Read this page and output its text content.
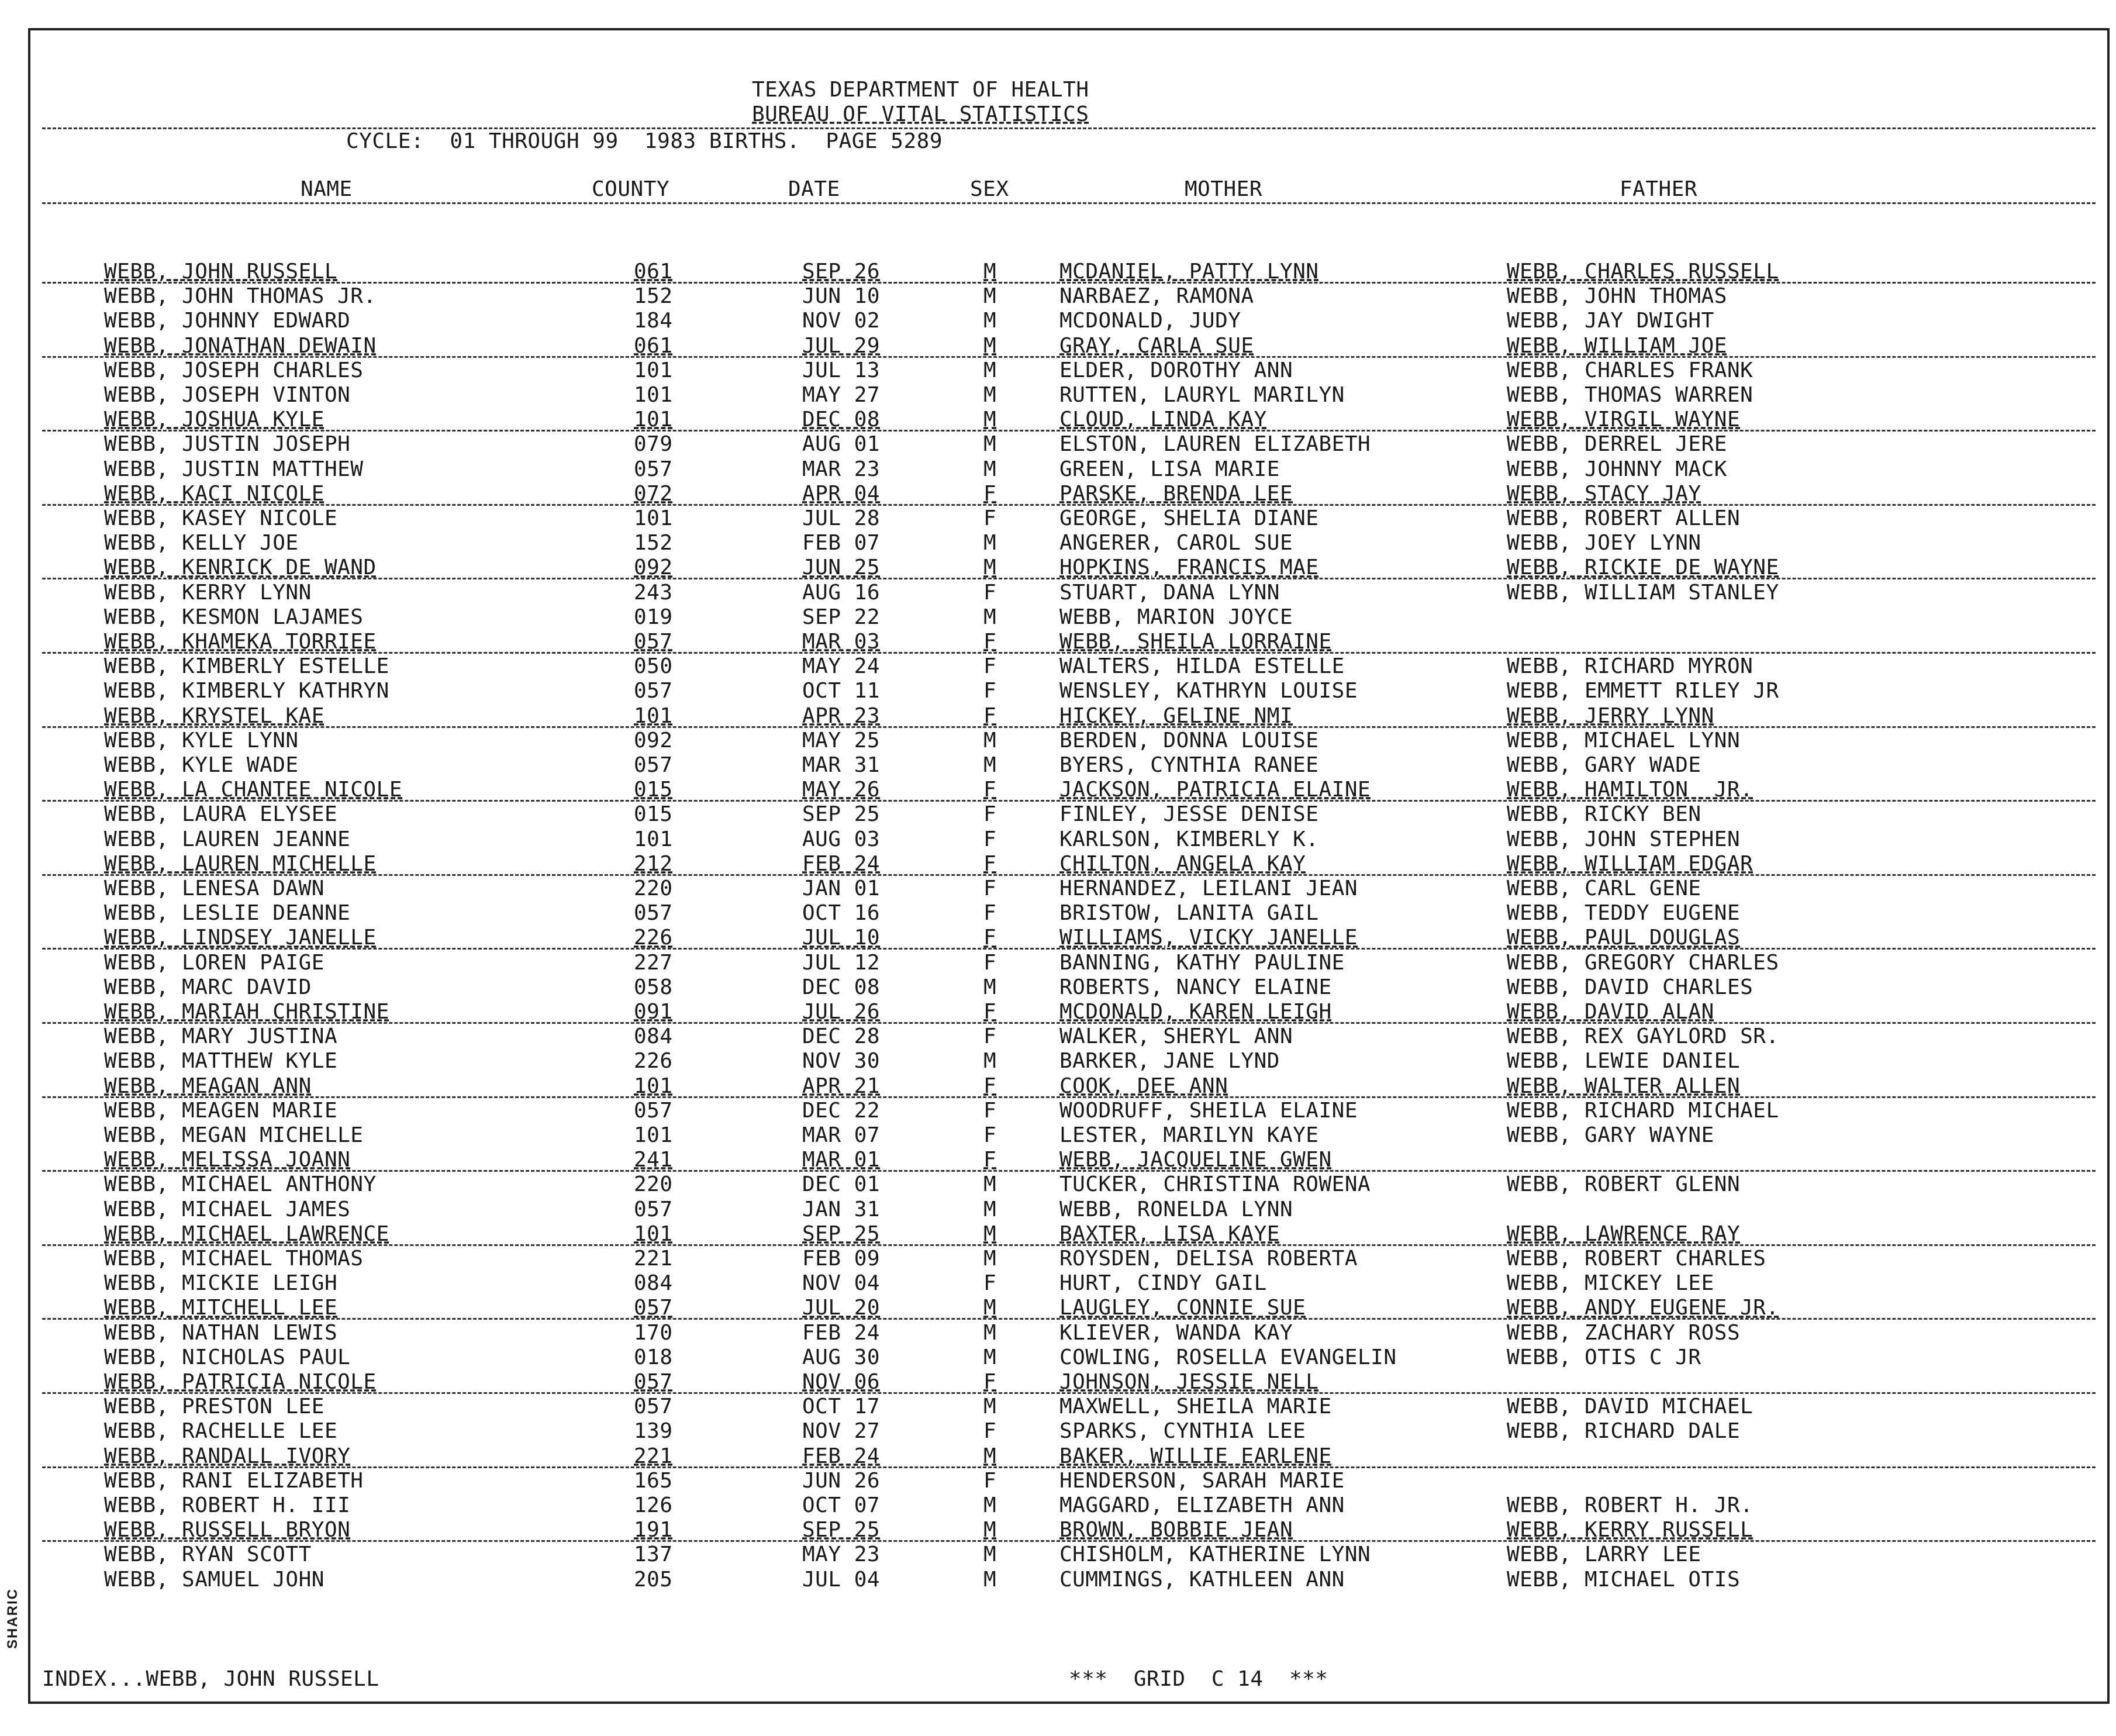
SHARIC
TEXAS DEPARTMENT OF HEALTH
BUREAU OF VITAL STATISTICS
CYCLE:  01 THROUGH 99  1983 BIRTHS.  PAGE 5289
NAME	COUNTY	DATE	SEX	MOTHER	FATHER
WEBB, JOHN RUSSELL	061	SEP 26	M	MCDANIEL, PATTY LYNN	WEBB, CHARLES RUSSELL
WEBB, JOHN THOMAS JR.	152	JUN 10	M	NARBAEZ, RAMONA	WEBB, JOHN THOMAS
WEBB, JOHNNY EDWARD	184	NOV 02	M	MCDONALD, JUDY	WEBB, JAY DWIGHT
WEBB, JONATHAN DEWAIN	061	JUL 29	M	GRAY, CARLA SUE	WEBB, WILLIAM JOE
WEBB, JOSEPH CHARLES	101	JUL 13	M	ELDER, DOROTHY ANN	WEBB, CHARLES FRANK
WEBB, JOSEPH VINTON	101	MAY 27	M	RUTTEN, LAURYL MARILYN	WEBB, THOMAS WARREN
WEBB, JOSHUA KYLE	101	DEC 08	M	CLOUD, LINDA KAY	WEBB, VIRGIL WAYNE
WEBB, JUSTIN JOSEPH	079	AUG 01	M	ELSTON, LAUREN ELIZABETH	WEBB, DERREL JERE
WEBB, JUSTIN MATTHEW	057	MAR 23	M	GREEN, LISA MARIE	WEBB, JOHNNY MACK
WEBB, KACI NICOLE	072	APR 04	F	PARSKE, BRENDA LEE	WEBB, STACY JAY
WEBB, KASEY NICOLE	101	JUL 28	F	GEORGE, SHELIA DIANE	WEBB, ROBERT ALLEN
WEBB, KELLY JOE	152	FEB 07	M	ANGERER, CAROL SUE	WEBB, JOEY LYNN
WEBB, KENRICK DE WAND	092	JUN 25	M	HOPKINS, FRANCIS MAE	WEBB, RICKIE DE WAYNE
WEBB, KERRY LYNN	243	AUG 16	F	STUART, DANA LYNN	WEBB, WILLIAM STANLEY
WEBB, KESMON LAJAMES	019	SEP 22	M	WEBB, MARION JOYCE
WEBB, KHAMEKA TORRIEE	057	MAR 03	F	WEBB, SHEILA LORRAINE
WEBB, KIMBERLY ESTELLE	050	MAY 24	F	WALTERS, HILDA ESTELLE	WEBB, RICHARD MYRON
WEBB, KIMBERLY KATHRYN	057	OCT 11	F	WENSLEY, KATHRYN LOUISE	WEBB, EMMETT RILEY JR
WEBB, KRYSTEL KAE	101	APR 23	F	HICKEY, GELINE NMI	WEBB, JERRY LYNN
WEBB, KYLE LYNN	092	MAY 25	M	BERDEN, DONNA LOUISE	WEBB, MICHAEL LYNN
WEBB, KYLE WADE	057	MAR 31	M	BYERS, CYNTHIA RANEE	WEBB, GARY WADE
WEBB, LA CHANTEE NICOLE	015	MAY 26	F	JACKSON, PATRICIA ELAINE	WEBB, HAMILTON  JR.
WEBB, LAURA ELYSEE	015	SEP 25	F	FINLEY, JESSE DENISE	WEBB, RICKY BEN
WEBB, LAUREN JEANNE	101	AUG 03	F	KARLSON, KIMBERLY K.	WEBB, JOHN STEPHEN
WEBB, LAUREN MICHELLE	212	FEB 24	F	CHILTON, ANGELA KAY	WEBB, WILLIAM EDGAR
WEBB, LENESA DAWN	220	JAN 01	F	HERNANDEZ, LEILANI JEAN	WEBB, CARL GENE
WEBB, LESLIE DEANNE	057	OCT 16	F	BRISTOW, LANITA GAIL	WEBB, TEDDY EUGENE
WEBB, LINDSEY JANELLE	226	JUL 10	F	WILLIAMS, VICKY JANELLE	WEBB, PAUL DOUGLAS
WEBB, LOREN PAIGE	227	JUL 12	F	BANNING, KATHY PAULINE	WEBB, GREGORY CHARLES
WEBB, MARC DAVID	058	DEC 08	M	ROBERTS, NANCY ELAINE	WEBB, DAVID CHARLES
WEBB, MARIAH CHRISTINE	091	JUL 26	F	MCDONALD, KAREN LEIGH	WEBB, DAVID ALAN
WEBB, MARY JUSTINA	084	DEC 28	F	WALKER, SHERYL ANN	WEBB, REX GAYLORD SR.
WEBB, MATTHEW KYLE	226	NOV 30	M	BARKER, JANE LYND	WEBB, LEWIE DANIEL
WEBB, MEAGAN ANN	101	APR 21	F	COOK, DEE ANN	WEBB, WALTER ALLEN
WEBB, MEAGEN MARIE	057	DEC 22	F	WOODRUFF, SHEILA ELAINE	WEBB, RICHARD MICHAEL
WEBB, MEGAN MICHELLE	101	MAR 07	F	LESTER, MARILYN KAYE	WEBB, GARY WAYNE
WEBB, MELISSA JOANN	241	MAR 01	F	WEBB, JACQUELINE GWEN
WEBB, MICHAEL ANTHONY	220	DEC 01	M	TUCKER, CHRISTINA ROWENA	WEBB, ROBERT GLENN
WEBB, MICHAEL JAMES	057	JAN 31	M	WEBB, RONELDA LYNN
WEBB, MICHAEL LAWRENCE	101	SEP 25	M	BAXTER, LISA KAYE	WEBB, LAWRENCE RAY
WEBB, MICHAEL THOMAS	221	FEB 09	M	ROYSDEN, DELISA ROBERTA	WEBB, ROBERT CHARLES
WEBB, MICKIE LEIGH	084	NOV 04	F	HURT, CINDY GAIL	WEBB, MICKEY LEE
WEBB, MITCHELL LEE	057	JUL 20	M	LAUGLEY, CONNIE SUE	WEBB, ANDY EUGENE JR.
WEBB, NATHAN LEWIS	170	FEB 24	M	KLIEVER, WANDA KAY	WEBB, ZACHARY ROSS
WEBB, NICHOLAS PAUL	018	AUG 30	M	COWLING, ROSELLA EVANGELIN	WEBB, OTIS C JR
WEBB, PATRICIA NICOLE	057	NOV 06	F	JOHNSON, JESSIE NELL
WEBB, PRESTON LEE	057	OCT 17	M	MAXWELL, SHEILA MARIE	WEBB, DAVID MICHAEL
WEBB, RACHELLE LEE	139	NOV 27	F	SPARKS, CYNTHIA LEE	WEBB, RICHARD DALE
WEBB, RANDALL IVORY	221	FEB 24	M	BAKER, WILLIE EARLENE
WEBB, RANI ELIZABETH	165	JUN 26	F	HENDERSON, SARAH MARIE
WEBB, ROBERT H. III	126	OCT 07	M	MAGGARD, ELIZABETH ANN	WEBB, ROBERT H. JR.
WEBB, RUSSELL BRYON	191	SEP 25	M	BROWN, BOBBIE JEAN	WEBB, KERRY RUSSELL
WEBB, RYAN SCOTT	137	MAY 23	M	CHISHOLM, KATHERINE LYNN	WEBB, LARRY LEE
WEBB, SAMUEL JOHN	205	JUL 04	M	CUMMINGS, KATHLEEN ANN	WEBB, MICHAEL OTIS
INDEX...WEBB, JOHN RUSSELL	***  GRID  C 14  ***
